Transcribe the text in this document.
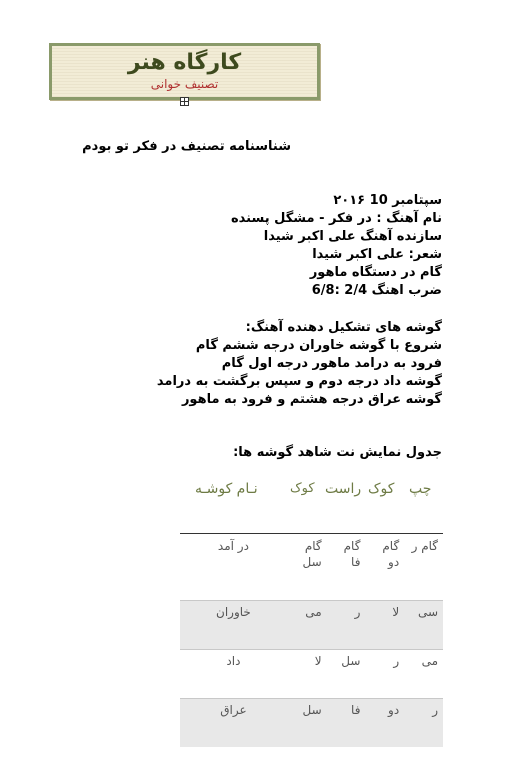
کارگاه هنر
تصنیف خوانی
شناسنامه تصنیف در فکر تو بودم
سپتامبر 10 ۲۰۱۶
نام آهنگ : در فکر - مشگل پسنده
سازنده آهنگ علی اکبر شیدا
شعر: علی اکبر شیدا
گام در دستگاه ماهور
ضرب اهنگ 2/4 :6/8
گوشه های تشکیل دهنده آهنگ:
شروع با گوشه خاوران درجه ششم گام
فرود به درامد ماهور درجه اول گام
گوشه داد درجه دوم و سپس برگشت به درامد
گوشه عراق درجه هشتم و فرود به ماهور
جدول نمایش نت شاهد گوشه ها:
نـام کوشـه کوک راست کوک چپ
گام ر	گام دو	گام فا	گام سل	در آمد
سی	لا	ر	می	خاوران
می	ر	سل	لا	داد
ر	دو	فا	سل	عراق
